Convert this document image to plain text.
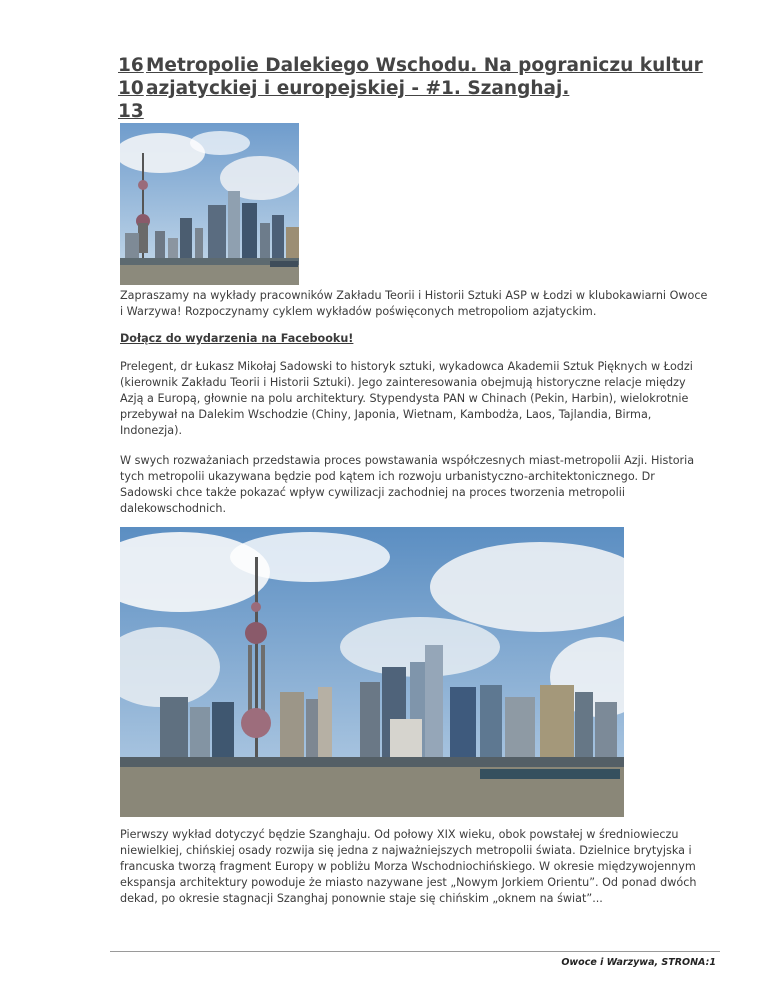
16 Metropolie Dalekiego Wschodu. Na pograniczu kultur
10 azjatyckiej i europejskiej - #1. Szanghaj.
13

Zapraszamy na wykłady pracowników Zakładu Teorii i Historii Sztuki ASP w Łodzi w klubokawiarni Owoce i Warzywa! Rozpoczynamy cyklem wykładów poświęconych metropoliom azjatyckim.

Dołącz do wydarzenia na Facebooku!

Prelegent, dr Łukasz Mikołaj Sadowski to historyk sztuki, wykadowca Akademii Sztuk Pięknych w Łodzi (kierownik Zakładu Teorii i Historii Sztuki). Jego zainteresowania obejmują historyczne relacje między Azją a Europą, głownie na polu architektury. Stypendysta PAN w Chinach (Pekin, Harbin), wielokrotnie przebywał na Dalekim Wschodzie (Chiny, Japonia, Wietnam, Kambodża, Laos, Tajlandia, Birma, Indonezja).

W swych rozważaniach przedstawia proces powstawania współczesnych miast-metropolii Azji. Historia tych metropolii ukazywana będzie pod kątem ich rozwoju urbanistyczno-architektonicznego. Dr Sadowski chce także pokazać wpływ cywilizacji zachodniej na proces tworzenia metropolii dalekowschodnich.

Pierwszy wykład dotyczyć będzie Szanghaju. Od połowy XIX wieku, obok powstałej w średniowieczu niewielkiej, chińskiej osady rozwija się jedna z najważniejszych metropolii świata. Dzielnice brytyjska i francuska tworzą fragment Europy w pobliżu Morza Wschodniochińskiego. W okresie międzywojennym ekspansja architektury powoduje że miasto nazywane jest „Nowym Jorkiem Orientu”. Od ponad dwóch dekad, po okresie stagnacji Szanghaj ponownie staje się chińskim „oknem na świat”...

Owoce i Warzywa, STRONA:1
